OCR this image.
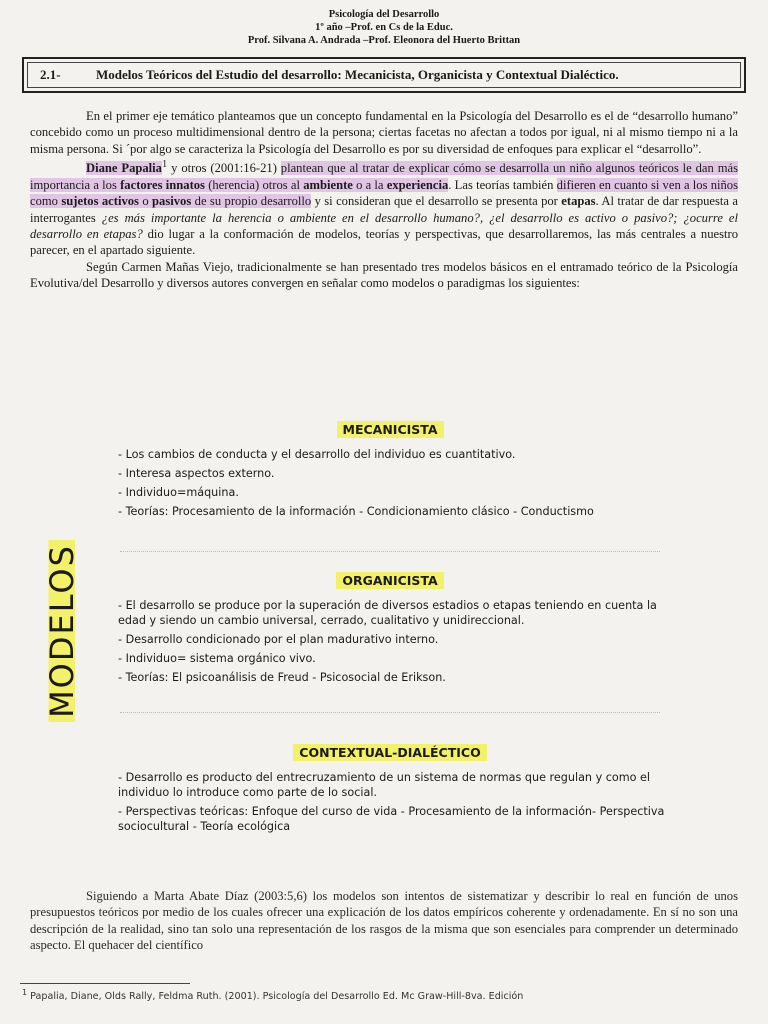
Psicología del Desarrollo
1º año –Prof. en Cs de la Educ.
Prof. Silvana A. Andrada –Prof. Eleonora del Huerto Brittan
2.1-	Modelos Teóricos del Estudio del desarrollo: Mecanicista, Organicista y Contextual Dialéctico.

En el primer eje temático planteamos que un concepto fundamental en la Psicología del Desarrollo es el de “desarrollo humano” concebido como un proceso multidimensional dentro de la persona; ciertas facetas no afectan a todos por igual, ni al mismo tiempo ni a la misma persona. Si ´por algo se caracteriza la Psicología del Desarrollo es por su diversidad de enfoques para explicar el “desarrollo”.

Diane Papalia$^1$ y otros (2001:16-21) plantean que al tratar de explicar cómo se desarrolla un niño algunos teóricos le dan más importancia a los factores innatos (herencia) otros al ambiente o a la experiencia. Las teorías también difieren en cuanto si ven a los niños como sujetos activos o pasivos de su propio desarrollo y si consideran que el desarrollo se presenta por etapas. Al tratar de dar respuesta a interrogantes ¿es más importante la herencia o ambiente en el desarrollo humano?, ¿el desarrollo es activo o pasivo?; ¿ocurre el desarrollo en etapas? dio lugar a la conformación de modelos, teorías y perspectivas, que desarrollaremos, las más centrales a nuestro parecer, en el apartado siguiente.

Según Carmen Mañas Viejo, tradicionalmente se han presentado tres modelos básicos en el entramado teórico de la Psicología Evolutiva/del Desarrollo y diversos autores convergen en señalar como modelos o paradigmas los siguientes:

MODELOS
MECANICISTA
- Los cambios de conducta y el desarrollo del individuo es cuantitativo.
- Interesa aspectos externo.
- Individuo=máquina.
- Teorías: Procesamiento de la información - Condicionamiento clásico - Conductismo
ORGANICISTA
- El desarrollo se produce por la superación de diversos estadios o etapas teniendo en cuenta la edad y siendo un cambio universal, cerrado, cualitativo y unidireccional.
- Desarrollo condicionado por el plan madurativo interno.
- Individuo= sistema orgánico vivo.
- Teorías: El psicoanálisis de Freud - Psicosocial de Erikson.
CONTEXTUAL-DIALÉCTICO
- Desarrollo es producto del entrecruzamiento de un sistema de normas que regulan y como el individuo lo introduce como parte de lo social.
- Perspectivas teóricas: Enfoque del curso de vida - Procesamiento de la información- Perspectiva sociocultural - Teoría ecológica

Siguiendo a Marta Abate Díaz (2003:5,6) los modelos son intentos de sistematizar y describir lo real en función de unos presupuestos teóricos por medio de los cuales ofrecer una explicación de los datos empíricos coherente y ordenadamente. En sí no son una descripción de la realidad, sino tan solo una representación de los rasgos de la misma que son esenciales para comprender un determinado aspecto. El quehacer del científico

$^1$ Papalia, Diane, Olds Rally, Feldma Ruth. (2001). Psicología del Desarrollo Ed. Mc Graw-Hill-8va. Edición
